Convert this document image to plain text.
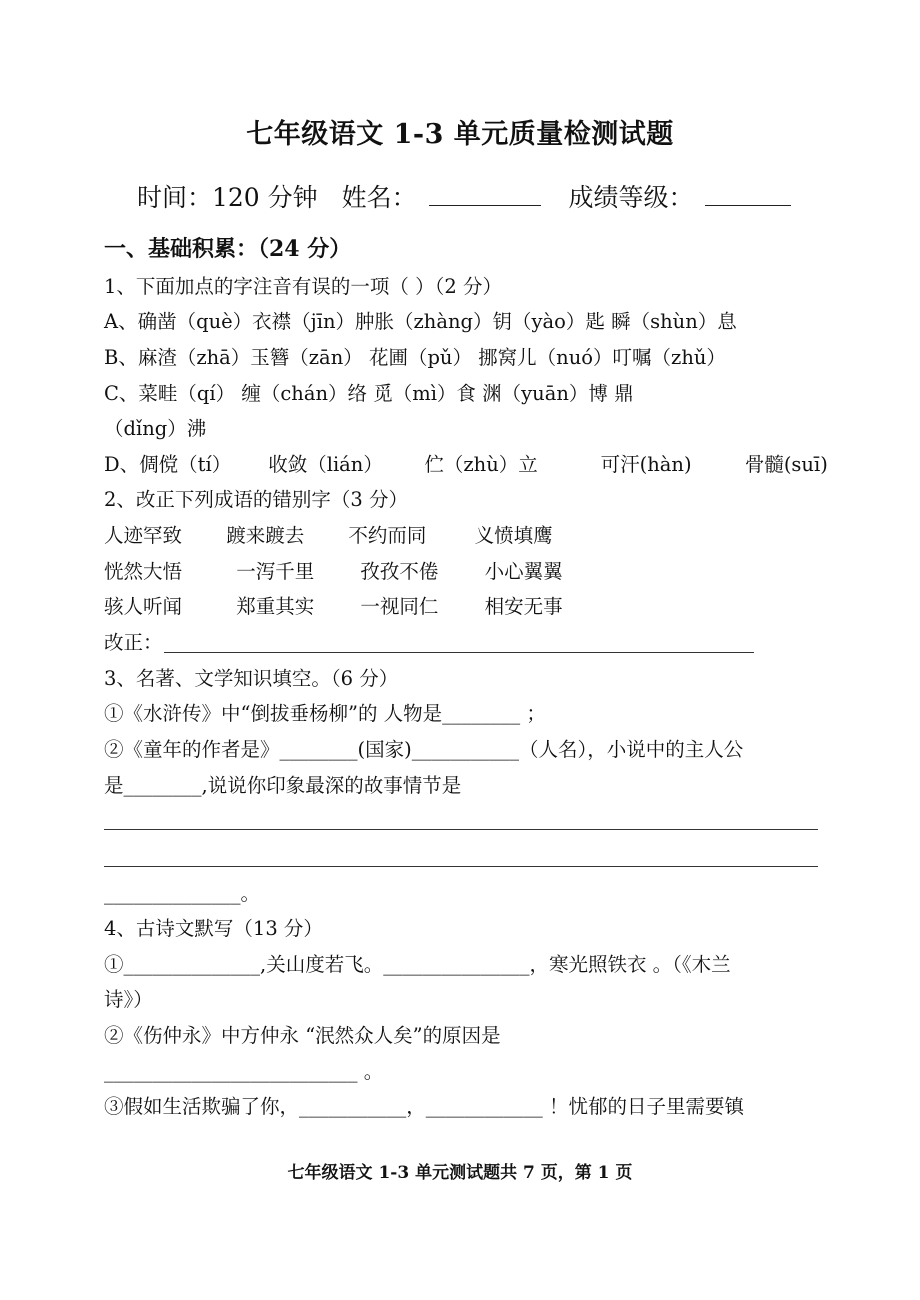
七年级语文 1-3 单元质量检测试题
时间：120 分钟 姓名：	成绩等级：
一、基础积累：（24 分）
1、下面加点的字注音有误的一项（ ）（2 分）
A、确凿（què）衣襟（jīn）肿胀（zhàng）钥（yào）匙 瞬（shùn）息
B、麻渣（zhā）玉簪（zān） 花圃（pǔ） 挪窝儿（nuó）叮嘱（zhǔ）
C、菜畦（qí） 缠（chán）络 觅（mì）食 渊（yuān）博 鼎
（dǐng）沸
D、倜傥（tí） 收敛（lián） 伫（zhù）立	可汗(hàn)	骨髓(suī)
2、改正下列成语的错别字（3 分）
人迹罕致 踱来踱去 不约而同 义愤填鹰
恍然大悟	一泻千里 孜孜不倦 小心翼翼
骇人听闻	郑重其实 一视同仁 相安无事
改正：
3、名著、文学知识填空。（6 分）
①《水浒传》中“倒拔垂杨柳”的 人物是________ ；
②《童年的作者是》________(国家)___________（人名），小说中的主人公
是________,说说你印象最深的故事情节是
______________。
4、古诗文默写（13 分）
①______________,关山度若飞。_______________，寒光照铁衣 。（《木兰
诗》）
②《伤仲永》中方仲永 “泯然众人矣”的原因是
__________________________ 。
③假如生活欺骗了你，___________，____________ ！忧郁的日子里需要镇
七年级语文 1-3 单元测试题共 7 页，第 1 页
